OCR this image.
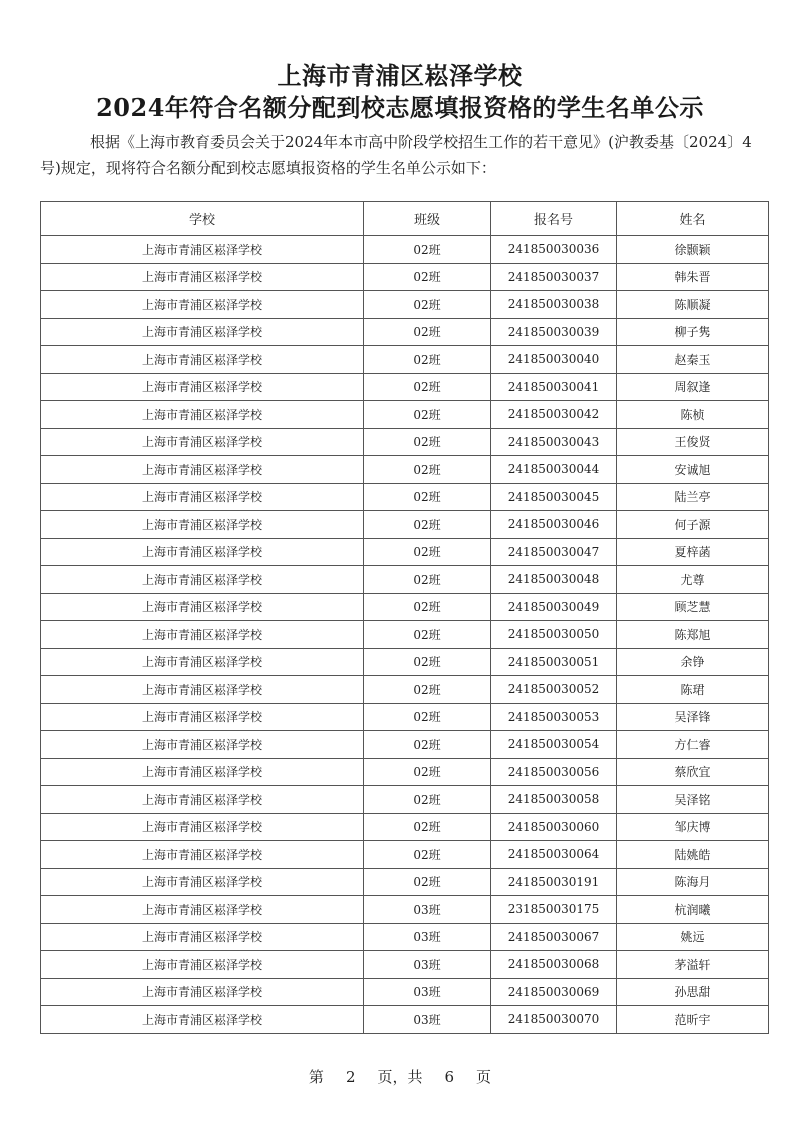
上海市青浦区崧泽学校
2024年符合名额分配到校志愿填报资格的学生名单公示

根据《上海市教育委员会关于2024年本市高中阶段学校招生工作的若干意见》(沪教委基〔2024〕4号)规定，现将符合名额分配到校志愿填报资格的学生名单公示如下：

学校	班级	报名号	姓名
上海市青浦区崧泽学校	02班	241850030036	徐颢颖
上海市青浦区崧泽学校	02班	241850030037	韩朱晋
上海市青浦区崧泽学校	02班	241850030038	陈顺凝
上海市青浦区崧泽学校	02班	241850030039	柳子隽
上海市青浦区崧泽学校	02班	241850030040	赵秦玉
上海市青浦区崧泽学校	02班	241850030041	周叙逢
上海市青浦区崧泽学校	02班	241850030042	陈桢
上海市青浦区崧泽学校	02班	241850030043	王俊贤
上海市青浦区崧泽学校	02班	241850030044	安诚旭
上海市青浦区崧泽学校	02班	241850030045	陆兰亭
上海市青浦区崧泽学校	02班	241850030046	何子源
上海市青浦区崧泽学校	02班	241850030047	夏梓菡
上海市青浦区崧泽学校	02班	241850030048	尤尊
上海市青浦区崧泽学校	02班	241850030049	顾芝慧
上海市青浦区崧泽学校	02班	241850030050	陈郑旭
上海市青浦区崧泽学校	02班	241850030051	余铮
上海市青浦区崧泽学校	02班	241850030052	陈珺
上海市青浦区崧泽学校	02班	241850030053	吴泽锋
上海市青浦区崧泽学校	02班	241850030054	方仁睿
上海市青浦区崧泽学校	02班	241850030056	蔡欣宜
上海市青浦区崧泽学校	02班	241850030058	吴泽铭
上海市青浦区崧泽学校	02班	241850030060	邹庆博
上海市青浦区崧泽学校	02班	241850030064	陆姚皓
上海市青浦区崧泽学校	02班	241850030191	陈海月
上海市青浦区崧泽学校	03班	231850030175	杭润曦
上海市青浦区崧泽学校	03班	241850030067	姚远
上海市青浦区崧泽学校	03班	241850030068	茅溢轩
上海市青浦区崧泽学校	03班	241850030069	孙思甜
上海市青浦区崧泽学校	03班	241850030070	范昕宇
第 2 页，共 6 页
